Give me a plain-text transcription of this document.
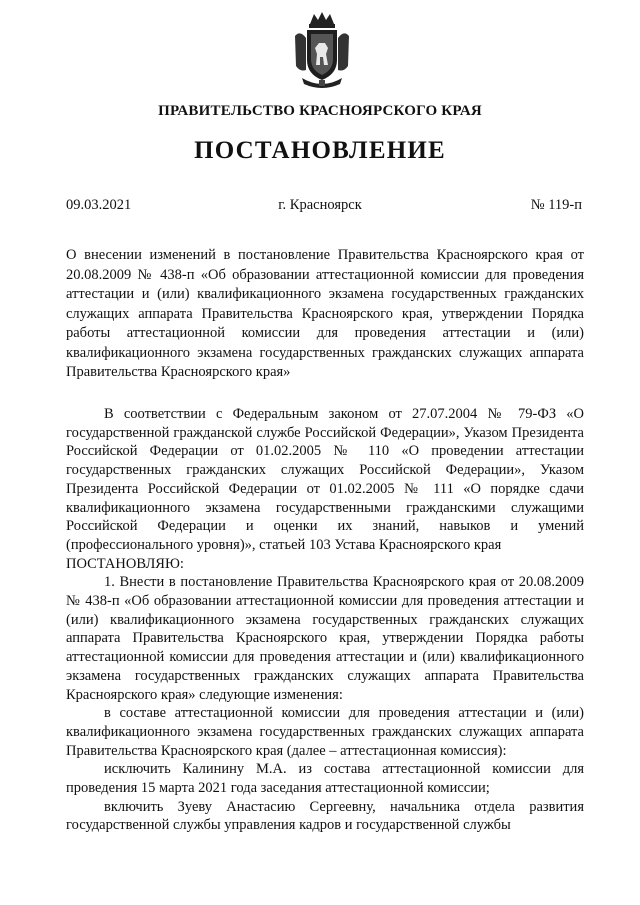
ПРАВИТЕЛЬСТВО КРАСНОЯРСКОГО КРАЯ
ПОСТАНОВЛЕНИЕ
09.03.2021	г. Красноярск	№ 119-п
О внесении изменений в постановление Правительства Красноярского края от 20.08.2009 № 438-п «Об образовании аттестационной комиссии для проведения аттестации и (или) квалификационного экзамена государственных гражданских служащих аппарата Правительства Красноярского края, утверждении Порядка работы аттестационной комиссии для проведения аттестации и (или) квалификационного экзамена государственных гражданских служащих аппарата Правительства Красноярского края»

В соответствии с Федеральным законом от 27.07.2004 № 79-ФЗ «О государственной гражданской службе Российской Федерации», Указом Президента Российской Федерации от 01.02.2005 № 110 «О проведении аттестации государственных гражданских служащих Российской Федерации», Указом Президента Российской Федерации от 01.02.2005 № 111 «О порядке сдачи квалификационного экзамена государственными гражданскими служащими Российской Федерации и оценки их знаний, навыков и умений (профессионального уровня)», статьей 103 Устава Красноярского края

ПОСТАНОВЛЯЮ:

1. Внести в постановление Правительства Красноярского края от 20.08.2009 № 438-п «Об образовании аттестационной комиссии для проведения аттестации и (или) квалификационного экзамена государственных гражданских служащих аппарата Правительства Красноярского края, утверждении Порядка работы аттестационной комиссии для проведения аттестации и (или) квалификационного экзамена государственных гражданских служащих аппарата Правительства Красноярского края» следующие изменения:

в составе аттестационной комиссии для проведения аттестации и (или) квалификационного экзамена государственных гражданских служащих аппарата Правительства Красноярского края (далее – аттестационная комиссия):

исключить Калинину М.А. из состава аттестационной комиссии для проведения 15 марта 2021 года заседания аттестационной комиссии;

включить Зуеву Анастасию Сергеевну, начальника отдела развития государственной службы управления кадров и государственной службы
